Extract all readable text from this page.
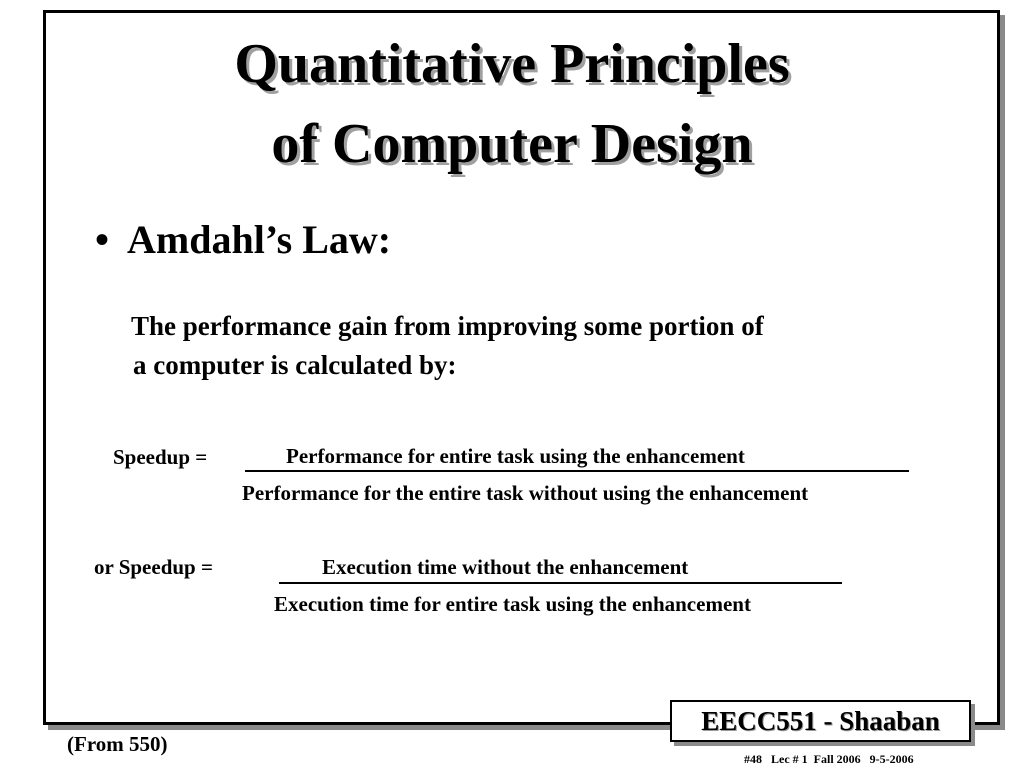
Quantitative Principles
of Computer Design
• Amdahl’s Law:
The performance gain from improving some portion of
a computer is calculated by:
Speedup =	Performance for entire task using the enhancement
Performance for the entire task without using the enhancement
or Speedup =	Execution time without the enhancement
Execution time for entire task using the enhancement
(From 550)
EECC551 - Shaaban
#48   Lec # 1  Fall 2006   9-5-2006
